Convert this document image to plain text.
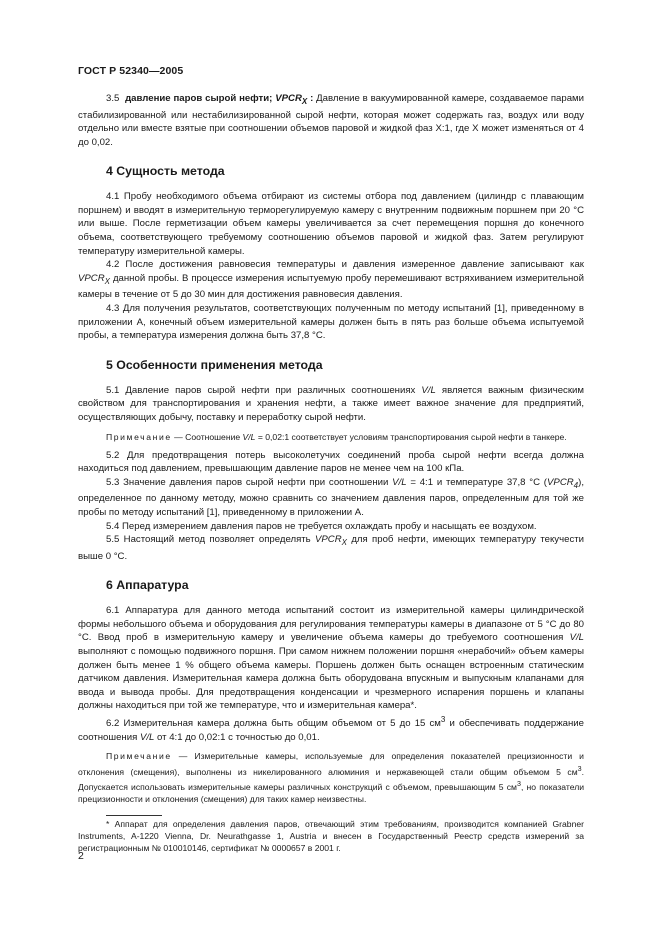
ГОСТ Р 52340—2005

3.5 давление паров сырой нефти; $VPCR_X$ : Давление в вакуумированной камере, создаваемое парами стабилизированной или нестабилизированной сырой нефти, которая может содержать газ, воздух или воду отдельно или вместе взятые при соотношении объемов паровой и жидкой фаз X:1, где X может изменяться от 4 до 0,02.

4 Сущность метода

4.1 Пробу необходимого объема отбирают из системы отбора под давлением (цилиндр с плавающим поршнем) и вводят в измерительную терморегулируемую камеру с внутренним подвижным поршнем при 20 °C или выше. После герметизации объем камеры увеличивается за счет перемещения поршня до конечного объема, соответствующего требуемому соотношению объемов паровой и жидкой фаз. Затем регулируют температуру измерительной камеры.

4.2 После достижения равновесия температуры и давления измеренное давление записывают как $VPCR_X$ данной пробы. В процессе измерения испытуемую пробу перемешивают встряхиванием измерительной камеры в течение от 5 до 30 мин для достижения равновесия давления.

4.3 Для получения результатов, соответствующих полученным по методу испытаний [1], приведенному в приложении А, конечный объем измерительной камеры должен быть в пять раз больше объема испытуемой пробы, а температура измерения должна быть 37,8 °C.

5 Особенности применения метода

5.1 Давление паров сырой нефти при различных соотношениях V/L является важным физическим свойством для транспортирования и хранения нефти, а также имеет важное значение для предприятий, осуществляющих добычу, поставку и переработку сырой нефти.

Примечание — Соотношение V/L = 0,02:1 соответствует условиям транспортирования сырой нефти в танкере.

5.2 Для предотвращения потерь высоколетучих соединений проба сырой нефти всегда должна находиться под давлением, превышающим давление паров не менее чем на 100 кПа.

5.3 Значение давления паров сырой нефти при соотношении V/L = 4:1 и температуре 37,8 °C $(VPCR_4)$, определенное по данному методу, можно сравнить со значением давления паров, определенным для той же пробы по методу испытаний [1], приведенному в приложении А.

5.4 Перед измерением давления паров не требуется охлаждать пробу и насыщать ее воздухом.

5.5 Настоящий метод позволяет определять $VPCR_X$ для проб нефти, имеющих температуру текучести выше 0 °C.

6 Аппаратура

6.1 Аппаратура для данного метода испытаний состоит из измерительной камеры цилиндрической формы небольшого объема и оборудования для регулирования температуры камеры в диапазоне от 5 °C до 80 °C. Ввод проб в измерительную камеру и увеличение объема камеры до требуемого соотношения V/L выполняют с помощью подвижного поршня. При самом нижнем положении поршня «нерабочий» объем камеры должен быть менее 1 % общего объема камеры. Поршень должен быть оснащен встроенным статическим датчиком давления. Измерительная камера должна быть оборудована впускным и выпускным клапанами для ввода и вывода пробы. Для предотвращения конденсации и чрезмерного испарения поршень и клапаны должны находиться при той же температуре, что и измерительная камера*.

6.2 Измерительная камера должна быть общим объемом от 5 до 15 $см^3$ и обеспечивать поддержание соотношения V/L от 4:1 до 0,02:1 с точностью до 0,01.

Примечание — Измерительные камеры, используемые для определения показателей прецизионности и отклонения (смещения), выполнены из никелированного алюминия и нержавеющей стали общим объемом 5 $см^3$. Допускается использовать измерительные камеры различных конструкций с объемом, превышающим 5 $см^3$, но показатели прецизионности и отклонения (смещения) для таких камер неизвестны.

* Аппарат для определения давления паров, отвечающий этим требованиям, производится компанией Grabner Instruments, A-1220 Vienna, Dr. Neurathgasse 1, Austria и внесен в Государственный Реестр средств измерений за регистрационным № 010010146, сертификат № 0000657 в 2001 г.

2
